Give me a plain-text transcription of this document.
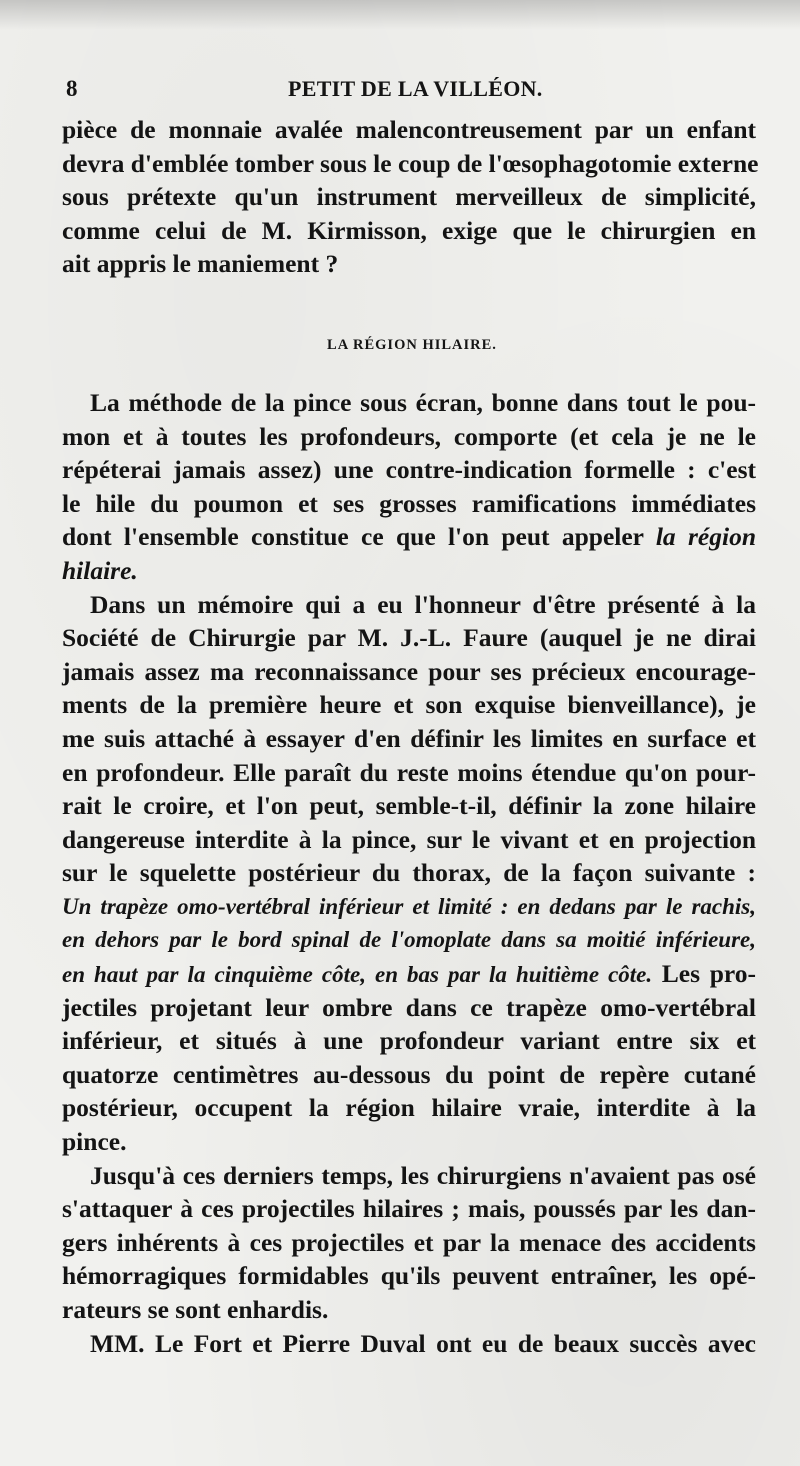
8	PETIT DE LA VILLÉON.
pièce de monnaie avalée malencontreusement par un enfant
devra d'emblée tomber sous le coup de l'œsophagotomie externe
sous prétexte qu'un instrument merveilleux de simplicité,
comme celui de M. Kirmisson, exige que le chirurgien en
ait appris le maniement ?
LA RÉGION HILAIRE.
La méthode de la pince sous écran, bonne dans tout le pou-
mon et à toutes les profondeurs, comporte (et cela je ne le
répéterai jamais assez) une contre-indication formelle : c'est
le hile du poumon et ses grosses ramifications immédiates
dont l'ensemble constitue ce que l'on peut appeler la région
hilaire.
Dans un mémoire qui a eu l'honneur d'être présenté à la
Société de Chirurgie par M. J.-L. Faure (auquel je ne dirai
jamais assez ma reconnaissance pour ses précieux encourage-
ments de la première heure et son exquise bienveillance), je
me suis attaché à essayer d'en définir les limites en surface et
en profondeur. Elle paraît du reste moins étendue qu'on pour-
rait le croire, et l'on peut, semble-t-il, définir la zone hilaire
dangereuse interdite à la pince, sur le vivant et en projection
sur le squelette postérieur du thorax, de la façon suivante :
Un trapèze omo-vertébral inférieur et limité : en dedans par le rachis,
en dehors par le bord spinal de l'omoplate dans sa moitié inférieure,
en haut par la cinquième côte, en bas par la huitième côte. Les pro-
jectiles projetant leur ombre dans ce trapèze omo-vertébral
inférieur, et situés à une profondeur variant entre six et
quatorze centimètres au-dessous du point de repère cutané
postérieur, occupent la région hilaire vraie, interdite à la
pince.
Jusqu'à ces derniers temps, les chirurgiens n'avaient pas osé
s'attaquer à ces projectiles hilaires ; mais, poussés par les dan-
gers inhérents à ces projectiles et par la menace des accidents
hémorragiques formidables qu'ils peuvent entraîner, les opé-
rateurs se sont enhardis.
MM. Le Fort et Pierre Duval ont eu de beaux succès avec
